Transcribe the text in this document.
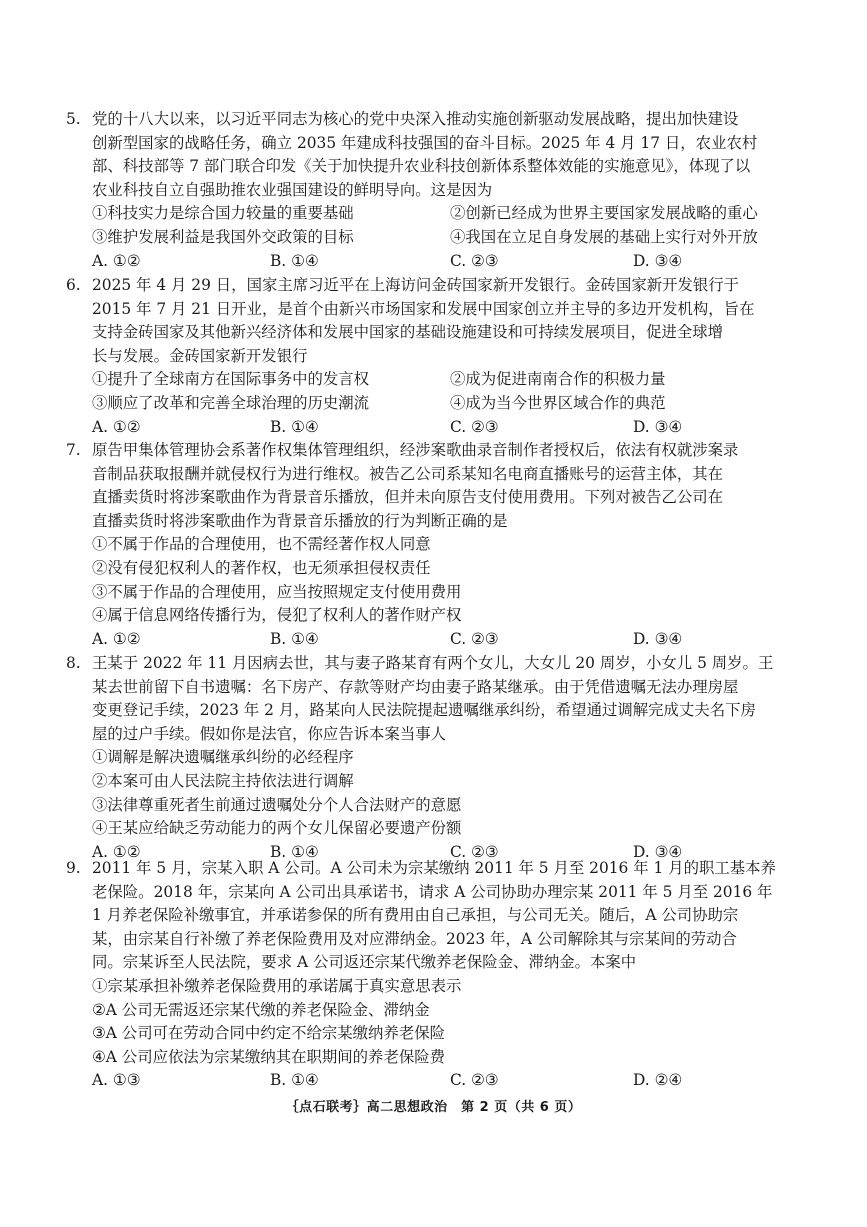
5. 党的十八大以来，以习近平同志为核心的党中央深入推动实施创新驱动发展战略，提出加快建设
创新型国家的战略任务，确立 2035 年建成科技强国的奋斗目标。2025 年 4 月 17 日，农业农村
部、科技部等 7 部门联合印发《关于加快提升农业科技创新体系整体效能的实施意见》，体现了以
农业科技自立自强助推农业强国建设的鲜明导向。这是因为
①科技实力是综合国力较量的重要基础	②创新已经成为世界主要国家发展战略的重心
③维护发展利益是我国外交政策的目标	④我国在立足自身发展的基础上实行对外开放
A. ①②	B. ①④	C. ②③	D. ③④
6. 2025 年 4 月 29 日，国家主席习近平在上海访问金砖国家新开发银行。金砖国家新开发银行于
2015 年 7 月 21 日开业，是首个由新兴市场国家和发展中国家创立并主导的多边开发机构，旨在
支持金砖国家及其他新兴经济体和发展中国家的基础设施建设和可持续发展项目，促进全球增
长与发展。金砖国家新开发银行
①提升了全球南方在国际事务中的发言权	②成为促进南南合作的积极力量
③顺应了改革和完善全球治理的历史潮流	④成为当今世界区域合作的典范
A. ①②	B. ①④	C. ②③	D. ③④
7. 原告甲集体管理协会系著作权集体管理组织，经涉案歌曲录音制作者授权后，依法有权就涉案录
音制品获取报酬并就侵权行为进行维权。被告乙公司系某知名电商直播账号的运营主体，其在
直播卖货时将涉案歌曲作为背景音乐播放，但并未向原告支付使用费用。下列对被告乙公司在
直播卖货时将涉案歌曲作为背景音乐播放的行为判断正确的是
①不属于作品的合理使用，也不需经著作权人同意
②没有侵犯权利人的著作权，也无须承担侵权责任
③不属于作品的合理使用，应当按照规定支付使用费用
④属于信息网络传播行为，侵犯了权利人的著作财产权
A. ①②	B. ①④	C. ②③	D. ③④
8. 王某于 2022 年 11 月因病去世，其与妻子路某育有两个女儿，大女儿 20 周岁，小女儿 5 周岁。王
某去世前留下自书遗嘱：名下房产、存款等财产均由妻子路某继承。由于凭借遗嘱无法办理房屋
变更登记手续，2023 年 2 月，路某向人民法院提起遗嘱继承纠纷，希望通过调解完成丈夫名下房
屋的过户手续。假如你是法官，你应告诉本案当事人
①调解是解决遗嘱继承纠纷的必经程序
②本案可由人民法院主持依法进行调解
③法律尊重死者生前通过遗嘱处分个人合法财产的意愿
④王某应给缺乏劳动能力的两个女儿保留必要遗产份额
A. ①②	B. ①④	C. ②③	D. ③④
9. 2011 年 5 月，宗某入职 A 公司。A 公司未为宗某缴纳 2011 年 5 月至 2016 年 1 月的职工基本养
老保险。2018 年，宗某向 A 公司出具承诺书，请求 A 公司协助办理宗某 2011 年 5 月至 2016 年
1 月养老保险补缴事宜，并承诺参保的所有费用由自己承担，与公司无关。随后，A 公司协助宗
某，由宗某自行补缴了养老保险费用及对应滞纳金。2023 年，A 公司解除其与宗某间的劳动合
同。宗某诉至人民法院，要求 A 公司返还宗某代缴养老保险金、滞纳金。本案中
①宗某承担补缴养老保险费用的承诺属于真实意思表示
②A 公司无需返还宗某代缴的养老保险金、滞纳金
③A 公司可在劳动合同中约定不给宗某缴纳养老保险
④A 公司应依法为宗某缴纳其在职期间的养老保险费
A. ①③	B. ①④	C. ②③	D. ②④
｛点石联考｝高二思想政治　第 2 页（共 6 页）
